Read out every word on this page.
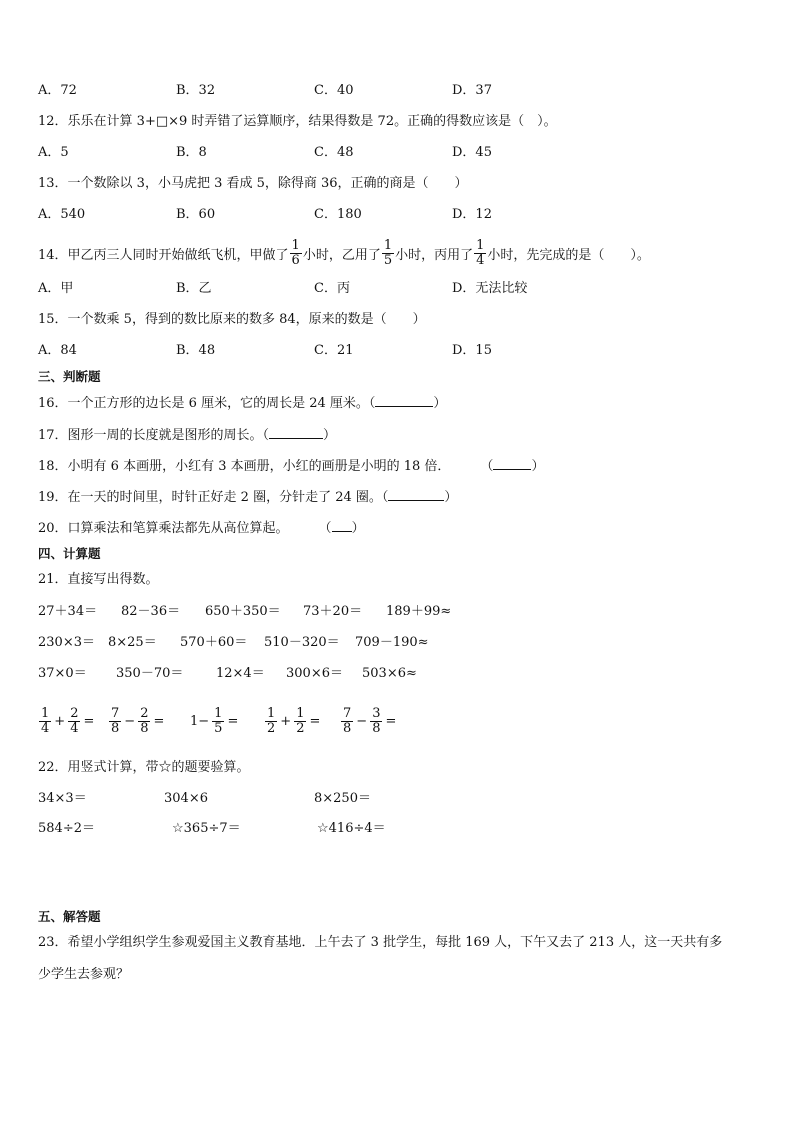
A．72	B．32	C．40	D．37
12．乐乐在计算 3+□×9 时弄错了运算顺序，结果得数是 72。正确的得数应该是（　）。
A．5	B．8	C．48	D．45
13．一个数除以 3，小马虎把 3 看成 5，除得商 36，正确的商是（　　）
A．540	B．60	C．180	D．12
14．甲乙丙三人同时开始做纸飞机，甲做了 $\frac{1}{6}$ 小时，乙用了 $\frac{1}{5}$ 小时，丙用了 $\frac{1}{4}$ 小时，先完成的是（　　）。
A．甲	B．乙	C．丙	D．无法比较
15．一个数乘 5，得到的数比原来的数多 84，原来的数是（　　）
A．84	B．48	C．21	D．15
三、判断题
16．一个正方形的边长是 6 厘米，它的周长是 24 厘米。（	）
17．图形一周的长度就是图形的周长。（	）
18．小明有 6 本画册，小红有 3 本画册，小红的画册是小明的 18 倍． （	）
19．在一天的时间里，时针正好走 2 圈，分针走了 24 圈。（	）
20．口算乘法和笔算乘法都先从高位算起。 （ ）
四、计算题
21．直接写出得数。
27＋34＝ 82－36＝ 650＋350＝ 73＋20＝ 189＋99≈
230×3＝ 8×25＝ 570＋60＝ 510－320＝ 709－190≈
37×0＝ 350－70＝	12×4＝ 300×6＝ 503×6≈
$\frac{1}{4} + \frac{2}{4} = \frac{7}{8} - \frac{2}{8} = 1- \frac{1}{5} = \frac{1}{2} + \frac{1}{2} = \frac{7}{8} - \frac{3}{8}$ =
22．用竖式计算，带☆的题要验算。
34×3＝	304×6	8×250＝
584÷2＝	☆365÷7＝	☆416÷4＝
五、解答题
23．希望小学组织学生参观爱国主义教育基地．上午去了 3 批学生，每批 169 人，下午又去了 213 人，这一天共有多
少学生去参观？
